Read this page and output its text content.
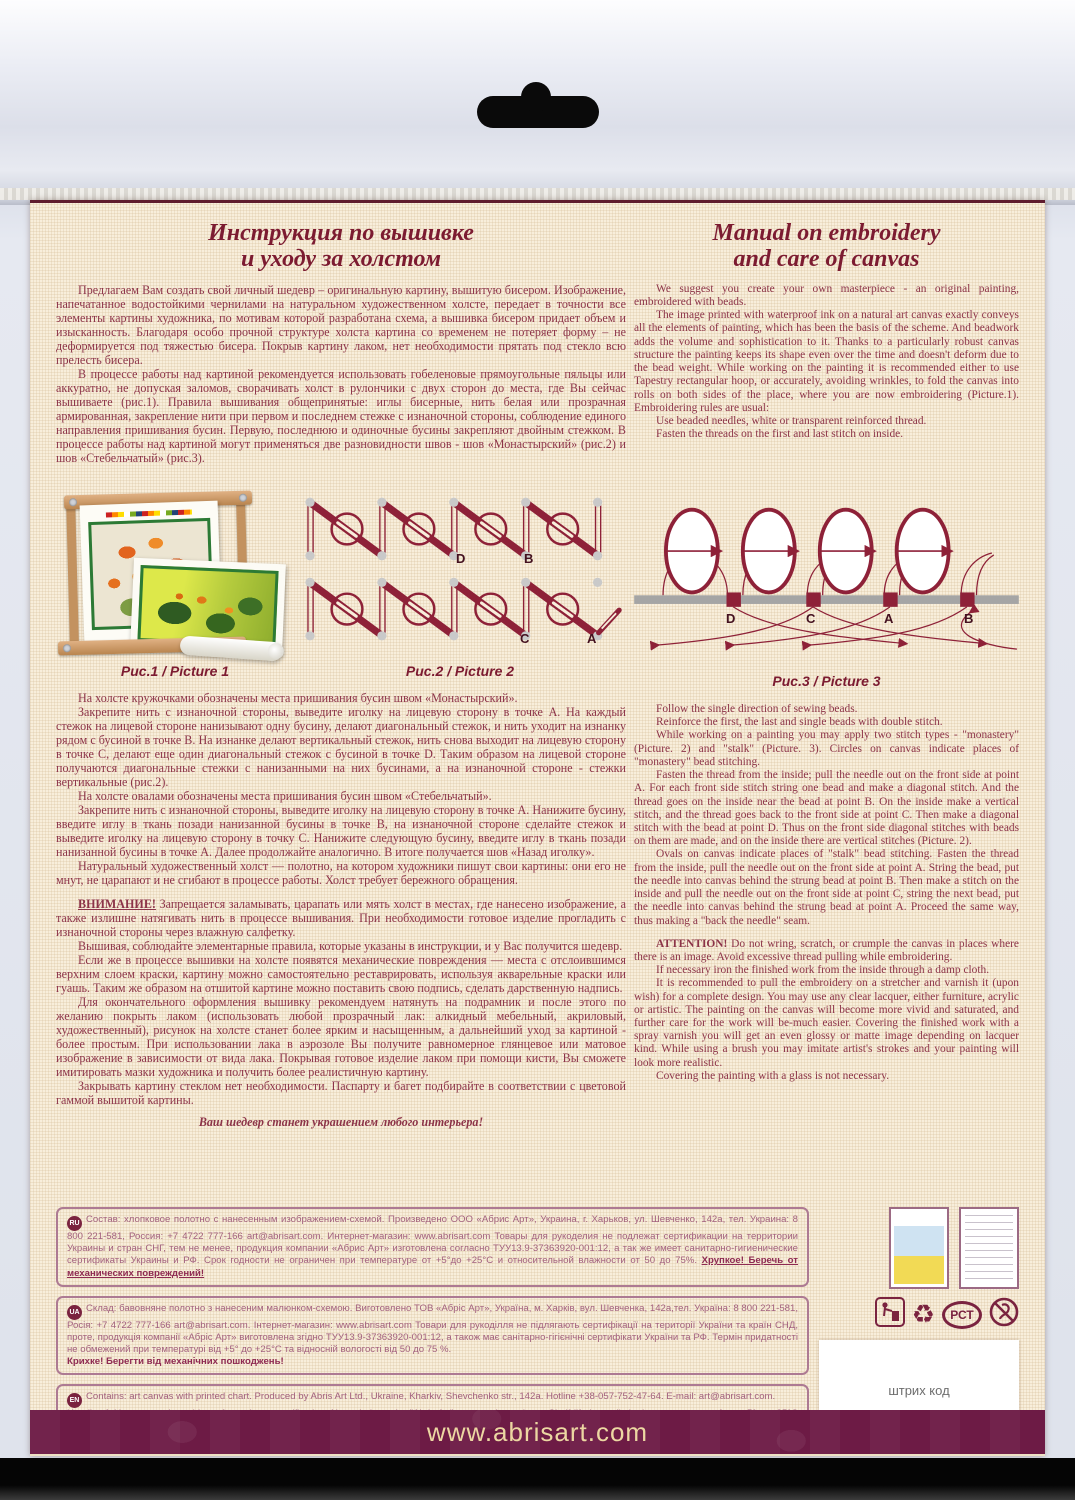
Инструкция по вышивке
и уходу за холстом

Предлагаем Вам создать свой личный шедевр – оригинальную картину, вышитую бисером. Изображение, напечатанное водостойкими чернилами на натуральном художественном холсте, передает в точности все элементы картины художника, по мотивам которой разработана схема, а вышивка бисером придает объем и изысканность. Благодаря особо прочной структуре холста картина со временем не потеряет форму – не деформируется под тяжестью бисера. Покрыв картину лаком, нет необходимости прятать под стекло всю прелесть бисера.

В процессе работы над картиной рекомендуется использовать гобеленовые прямоугольные пяльцы или аккуратно, не допуская заломов, сворачивать холст в рулончики с двух сторон до места, где Вы сейчас вышиваете (рис.1). Правила вышивания общепринятые: иглы бисерные, нить белая или прозрачная армированная, закрепление нити при первом и последнем стежке с изнаночной стороны, соблюдение единого направления пришивания бусин. Первую, последнюю и одиночные бусины закрепляют двойным стежком. В процессе работы над картиной могут применяться две разновидности швов - шов «Монастырский» (рис.2) и шов «Стебельчатый» (рис.3).

Рис.1 / Picture 1
D	B
C	A
Рис.2 / Picture 2

На холсте кружочками обозначены места пришивания бусин швом «Монастырский».

Закрепите нить с изнаночной стороны, выведите иголку на лицевую сторону в точке А. На каждый стежок на лицевой стороне нанизывают одну бусину, делают диагональный стежок, и нить уходит на изнанку рядом с бусиной в точке В. На изнанке делают вертикальный стежок, нить снова выходит на лицевую сторону в точке С, делают еще один диагональный стежок с бусиной в точке D. Таким образом на лицевой стороне получаются диагональные стежки с нанизанными на них бусинами, а на изнаночной стороне - стежки вертикальные (рис.2).

На холсте овалами обозначены места пришивания бусин швом «Стебельчатый».

Закрепите нить с изнаночной стороны, выведите иголку на лицевую сторону в точке А. Нанижите бусину, введите иглу в ткань позади нанизанной бусины в точке В, на изнаночной стороне сделайте стежок и выведите иголку на лицевую сторону в точку С. Нанижите следующую бусину, введите иглу в ткань позади нанизанной бусины в точке А. Далее продолжайте аналогично. В итоге получается шов «Назад иголку».

Натуральный художественный холст — полотно, на котором художники пишут свои картины: они его не мнут, не царапают и не сгибают в процессе работы. Холст требует бережного обращения.

ВНИМАНИЕ! Запрещается заламывать, царапать или мять холст в местах, где нанесено изображение, а также излишне натягивать нить в процессе вышивания. При необходимости готовое изделие прогладить с изнаночной стороны через влажную салфетку.

Вышивая, соблюдайте элементарные правила, которые указаны в инструкции, и у Вас получится шедевр.

Если же в процессе вышивки на холсте появятся механические повреждения — места с отслоившимся верхним слоем краски, картину можно самостоятельно реставрировать, используя акварельные краски или гуашь. Таким же образом на отшитой картине можно поставить свою подпись, сделать дарственную надпись.

Для окончательного оформления вышивку рекомендуем натянуть на подрамник и после этого по желанию покрыть лаком (использовать любой прозрачный лак: алкидный мебельный, акриловый, художественный), рисунок на холсте станет более ярким и насыщенным, а дальнейший уход за картиной - более простым. При использовании лака в аэрозоле Вы получите равномерное глянцевое или матовое изображение в зависимости от вида лака. Покрывая готовое изделие лаком при помощи кисти, Вы сможете имитировать мазки художника и получить более реалистичную картину.

Закрывать картину стеклом нет необходимости. Паспарту и багет подбирайте в соответствии с цветовой гаммой вышитой картины.

Ваш шедевр станет украшением любого интерьера!

Manual on embroidery
and care of canvas

We suggest you create your own masterpiece - an original painting, embroidered with beads.

The image printed with waterproof ink on a natural art canvas exactly conveys all the elements of painting, which has been the basis of the scheme. And beadwork adds the volume and sophistication to it. Thanks to a particularly robust canvas structure the painting keeps its shape even over the time and doesn't deform due to the bead weight. While working on the painting it is recommended either to use Tapestry rectangular hoop, or accurately, avoiding wrinkles, to fold the canvas into rolls on both sides of the place, where you are now embroidering (Picture.1). Embroidering rules are usual:

Use beaded needles, white or transparent reinforced thread.

Fasten the threads on the first and last stitch on inside.

D	C	A	B
Рис.3 / Picture 3

Follow the single direction of sewing beads.

Reinforce the first, the last and single beads with double stitch.

While working on a painting you may apply two stitch types - "monastery" (Picture. 2) and "stalk" (Picture. 3). Circles on canvas indicate places of "monastery" bead stitching.

Fasten the thread from the inside; pull the needle out on the front side at point A. For each front side stitch string one bead and make a diagonal stitch. And the thread goes on the inside near the bead at point B. On the inside make a vertical stitch, and the thread goes back to the front side at point C. Then make a diagonal stitch with the bead at point D. Thus on the front side diagonal stitches with beads on them are made, and on the inside there are vertical stitches (Picture. 2).

Ovals on canvas indicate places of "stalk" bead stitching. Fasten the thread from the inside, pull the needle out on the front side at point A. String the bead, put the needle into canvas behind the strung bead at point B. Then make a stitch on the inside and pull the needle out on the front side at point C, string the next bead, put the needle into canvas behind the strung bead at point A. Proceed the same way, thus making a "back the needle" seam.

ATTENTION! Do not wring, scratch, or crumple the canvas in places where there is an image. Avoid excessive thread pulling while embroidering.

If necessary iron the finished work from the inside through a damp cloth.

It is recommended to pull the embroidery on a stretcher and varnish it (upon wish) for a complete design. You may use any clear lacquer, either furniture, acrylic or artistic. The painting on the canvas will become more vivid and saturated, and further care for the work will be-much easier. Covering the finished work with a spray varnish you will get an even glossy or matte image depending on lacquer kind. While using a brush you may imitate artist's strokes and your painting will look more realistic.

Covering the painting with a glass is not necessary.

RU Состав: хлопковое полотно с нанесенным изображением-схемой. Произведено ООО «Абрис Арт», Украина, г. Харьков, ул. Шевченко, 142а, тел. Украина: 8 800 221-581, Россия: +7 4722 777-166 art@abrisart.com. Интернет-магазин: www.abrisart.com Товары для рукоделия не подлежат сертификации на территории Украины и стран СНГ, тем не менее, продукция компании «Абрис Арт» изготовлена согласно ТУУ13.9-37363920-001:12, а так же имеет санитарно-гигиенические сертификаты Украины и РФ. Срок годности не ограничен при температуре от +5°до +25°С и относительной влажности от 50 до 75%. Хрупкое! Беречь от механических повреждений!
UA Склад: бавовняне полотно з нанесеним малюнком-схемою. Виготовлено ТОВ «Абріс Арт», Україна, м. Харків, вул. Шевченка, 142а,тел. Україна: 8 800 221-581, Росія: +7 4722 777-166 art@abrisart.com. Інтернет-магазин: www.abrisart.com Товари для рукоділля не підлягають сертифікації на території України та країн СНД, проте, продукція компанії «Абріс Арт» виготовлена згідно ТУУ13.9-37363920-001:12, а також має санітарно-гігієнічні сертифікати України та РФ. Термін придатності не обмежений при температурі від +5° до +25°С та відносній вологості від 50 до 75 %.
Крихке! Берегти від механічних пошкоджень!
EN Contains: art canvas with printed chart. Produced by Abris Art Ltd., Ukraine, Kharkiv, Shevchenko str., 142a. Hotline +38-057-752-47-64. E-mail: art@abrisart.com.

♻	РСТ
штрих код
www.abrisart.com
